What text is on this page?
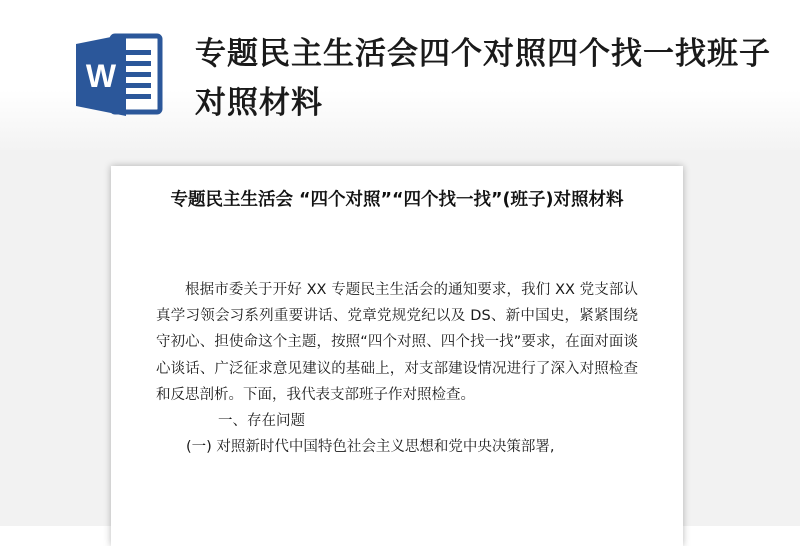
W
专题民主生活会四个对照四个找一找班子对照材料
专题民主生活会 “四个对照”“四个找一找”(班子)对照材料

根据市委关于开好 XX 专题民主生活会的通知要求，我们 XX 党支部认真学习领会习系列重要讲话、党章党规党纪以及 DS、新中国史，紧紧围绕守初心、担使命这个主题，按照“四个对照、四个找一找”要求，在面对面谈心谈话、广泛征求意见建议的基础上，对支部建设情况进行了深入对照检查和反思剖析。下面，我代表支部班子作对照检查。

一、存在问题

(一) 对照新时代中国特色社会主义思想和党中央决策部署,
